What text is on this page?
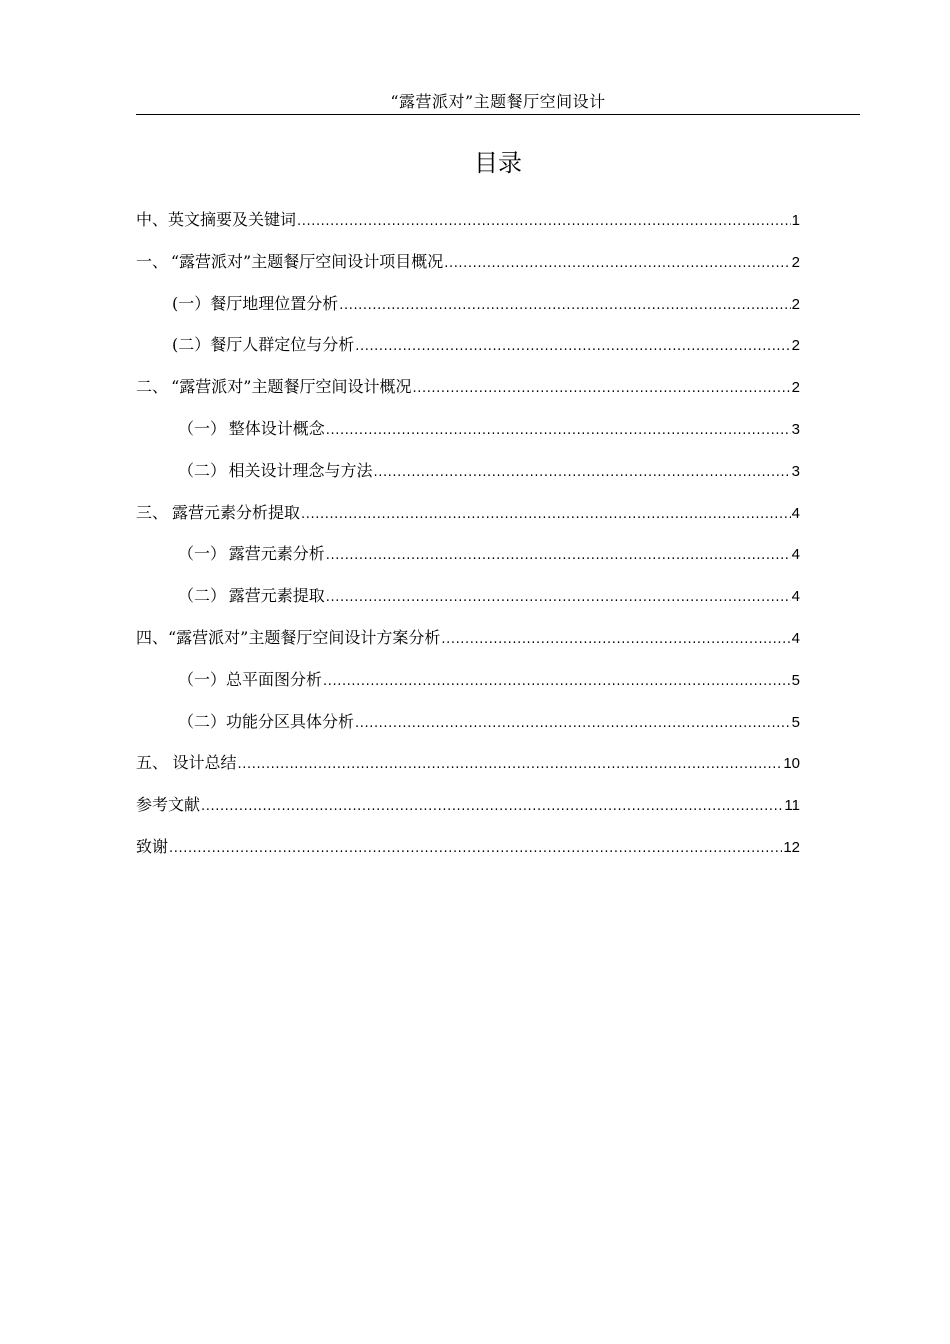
“露营派对”主题餐厅空间设计
目录
中、英文摘要及关键词 .....	1
一、 “露营派对”主题餐厅空间设计项目概况 .....	2
(一）餐厅地理位置分析 .....	2
(二）餐厅人群定位与分析 .....	2
二、 “露营派对”主题餐厅空间设计概况 .....	2
（一） 整体设计概念 .....	3
（二） 相关设计理念与方法 .....	3
三、 露营元素分析提取 .....	4
（一） 露营元素分析 .....	4
（二） 露营元素提取 .....	4
四、“露营派对”主题餐厅空间设计方案分析 .....	4
（一）总平面图分析 .....	5
（二）功能分区具体分析 .....	5
五、 设计总结 .....	10
参考文献 .....	11
致谢 .....	12
